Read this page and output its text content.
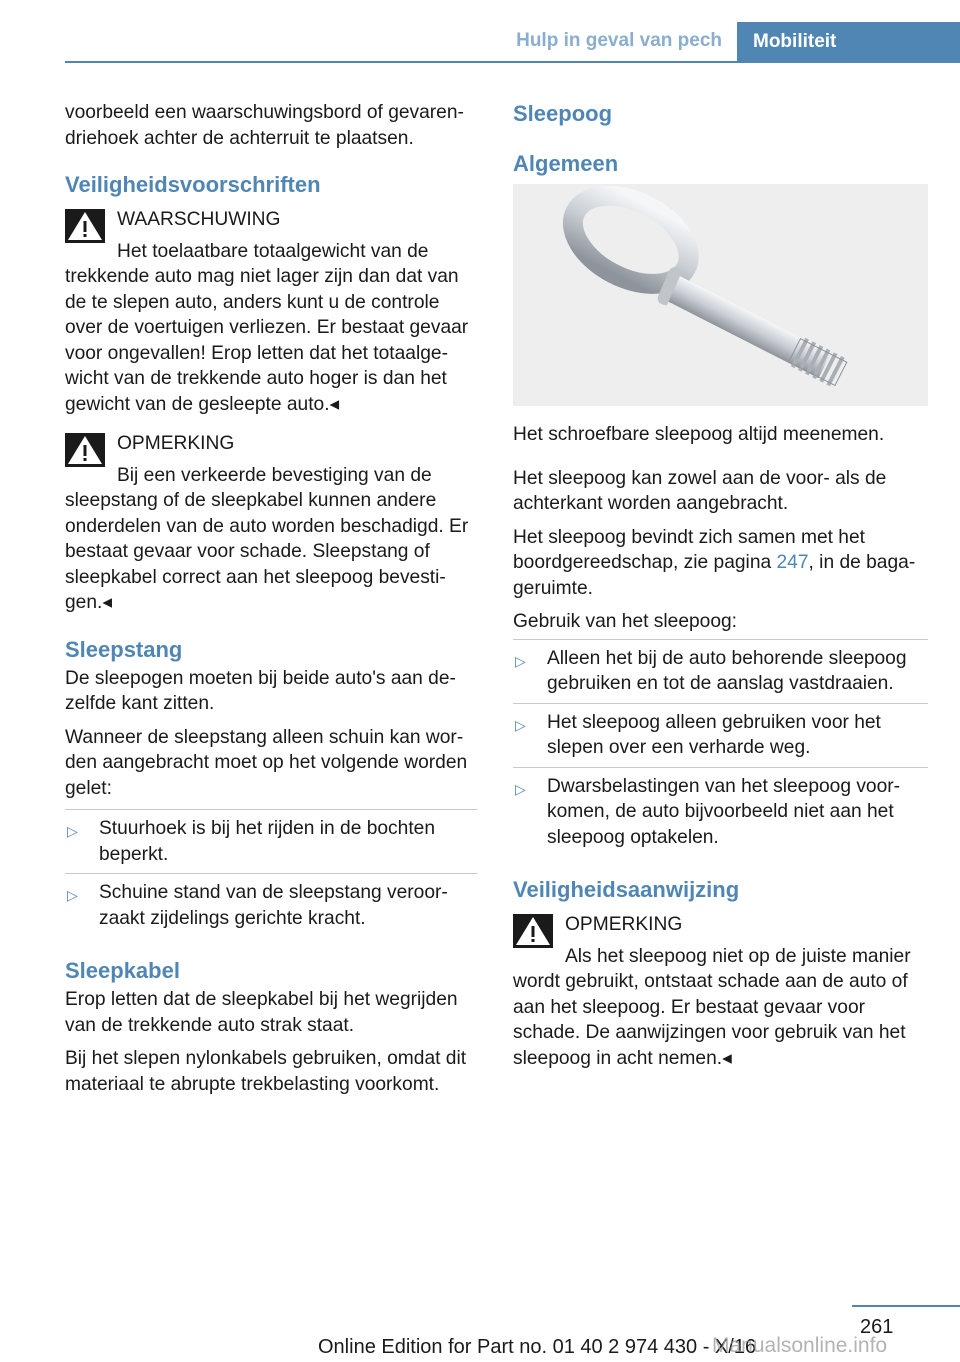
Hulp in geval van pech	Mobiliteit

voorbeeld een waarschuwingsbord of gevarendriehoek achter de achterruit te plaatsen.

Veiligheidsvoorschriften
WAARSCHUWING
Het toelaatbare totaalgewicht van de trekkende auto mag niet lager zijn dan dat van de te slepen auto, anders kunt u de controle over de voertuigen verliezen. Er bestaat gevaar voor ongevallen! Erop letten dat het totaalgewicht van de trekkende auto hoger is dan het gewicht van de gesleepte auto.◂
OPMERKING
Bij een verkeerde bevestiging van de sleepstang of de sleepkabel kunnen andere onderdelen van de auto worden beschadigd. Er bestaat gevaar voor schade. Sleepstang of sleepkabel correct aan het sleepoog bevestigen.◂
Sleepstang

De sleepogen moeten bij beide auto's aan dezelfde kant zitten.

Wanneer de sleepstang alleen schuin kan worden aangebracht moet op het volgende worden gelet:

▷ Stuurhoek is bij het rijden in de bochten beperkt.
▷ Schuine stand van de sleepstang veroorzaakt zijdelings gerichte kracht.
Sleepkabel

Erop letten dat de sleepkabel bij het wegrijden van de trekkende auto strak staat.

Bij het slepen nylonkabels gebruiken, omdat dit materiaal te abrupte trekbelasting voorkomt.

Sleepoog
Algemeen

Het schroefbare sleepoog altijd meenemen.

Het sleepoog kan zowel aan de voor- als de achterkant worden aangebracht.

Het sleepoog bevindt zich samen met het boordgereedschap, zie pagina 247, in de bagageruimte.

Gebruik van het sleepoog:

▷ Alleen het bij de auto behorende sleepoog gebruiken en tot de aanslag vastdraaien.
▷ Het sleepoog alleen gebruiken voor het slepen over een verharde weg.
▷ Dwarsbelastingen van het sleepoog voorkomen, de auto bijvoorbeeld niet aan het sleepoog optakelen.
Veiligheidsaanwijzing
OPMERKING
Als het sleepoog niet op de juiste manier wordt gebruikt, ontstaat schade aan de auto of aan het sleepoog. Er bestaat gevaar voor schade. De aanwijzingen voor gebruik van het sleepoog in acht nemen.◂
261
Online Edition for Part no. 01 40 2 974 430 - X/16
Manualsonline.info
